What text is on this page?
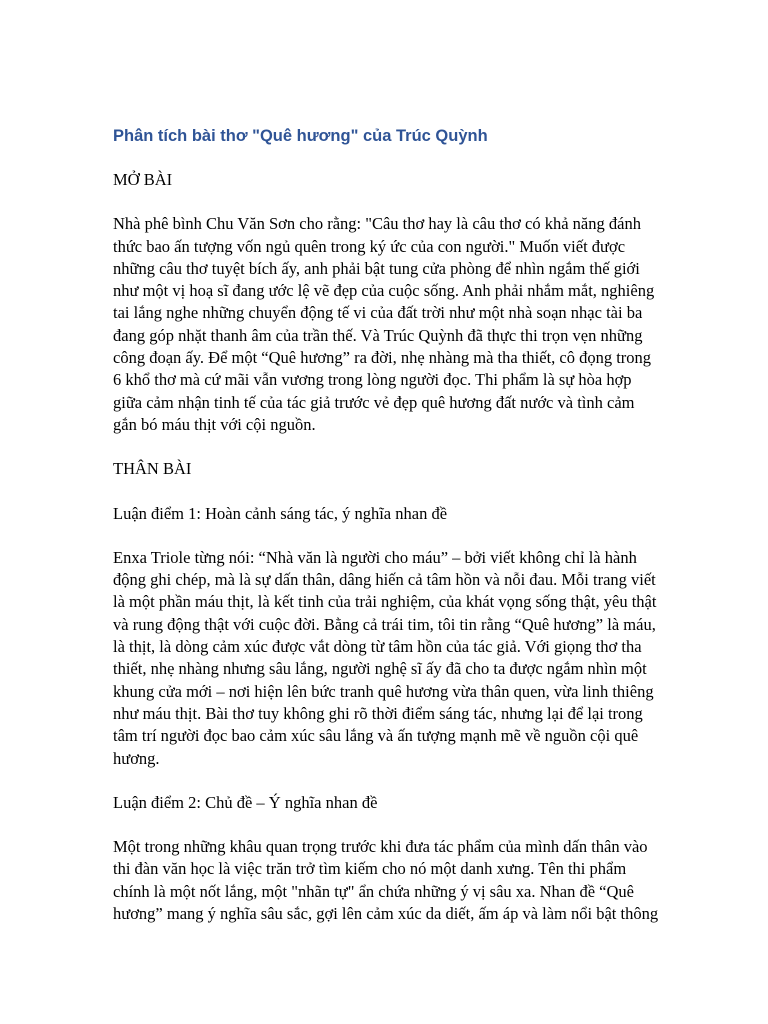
Phân tích bài thơ "Quê hương" của Trúc Quỳnh

MỞ BÀI

Nhà phê bình Chu Văn Sơn cho rằng: "Câu thơ hay là câu thơ có khả năng đánh
thức bao ấn tượng vốn ngủ quên trong ký ức của con người." Muốn viết được
những câu thơ tuyệt bích ấy, anh phải bật tung cửa phòng để nhìn ngắm thế giới
như một vị hoạ sĩ đang ước lệ vẽ đẹp của cuộc sống. Anh phải nhắm mắt, nghiêng
tai lắng nghe những chuyển động tế vi của đất trời như một nhà soạn nhạc tài ba
đang góp nhặt thanh âm của trần thế. Và Trúc Quỳnh đã thực thi trọn vẹn những
công đoạn ấy. Để một “Quê hương” ra đời, nhẹ nhàng mà tha thiết, cô đọng trong
6 khổ thơ mà cứ mãi vẫn vương trong lòng người đọc. Thi phẩm là sự hòa hợp
giữa cảm nhận tinh tế của tác giả trước vẻ đẹp quê hương đất nước và tình cảm
gắn bó máu thịt với cội nguồn.

THÂN BÀI

Luận điểm 1: Hoàn cảnh sáng tác, ý nghĩa nhan đề

Enxa Triole từng nói: “Nhà văn là người cho máu” – bởi viết không chỉ là hành
động ghi chép, mà là sự dấn thân, dâng hiến cả tâm hồn và nỗi đau. Mỗi trang viết
là một phần máu thịt, là kết tinh của trải nghiệm, của khát vọng sống thật, yêu thật
và rung động thật với cuộc đời. Bằng cả trái tim, tôi tin rằng “Quê hương” là máu,
là thịt, là dòng cảm xúc được vắt dòng từ tâm hồn của tác giả. Với giọng thơ tha
thiết, nhẹ nhàng nhưng sâu lắng, người nghệ sĩ ấy đã cho ta được ngắm nhìn một
khung cửa mới – nơi hiện lên bức tranh quê hương vừa thân quen, vừa linh thiêng
như máu thịt. Bài thơ tuy không ghi rõ thời điểm sáng tác, nhưng lại để lại trong
tâm trí người đọc bao cảm xúc sâu lắng và ấn tượng mạnh mẽ về nguồn cội quê
hương.

Luận điểm 2: Chủ đề – Ý nghĩa nhan đề

Một trong những khâu quan trọng trước khi đưa tác phẩm của mình dấn thân vào
thi đàn văn học là việc trăn trở tìm kiếm cho nó một danh xưng. Tên thi phẩm
chính là một nốt lắng, một "nhãn tự" ẩn chứa những ý vị sâu xa. Nhan đề “Quê
hương” mang ý nghĩa sâu sắc, gợi lên cảm xúc da diết, ấm áp và làm nổi bật thông
